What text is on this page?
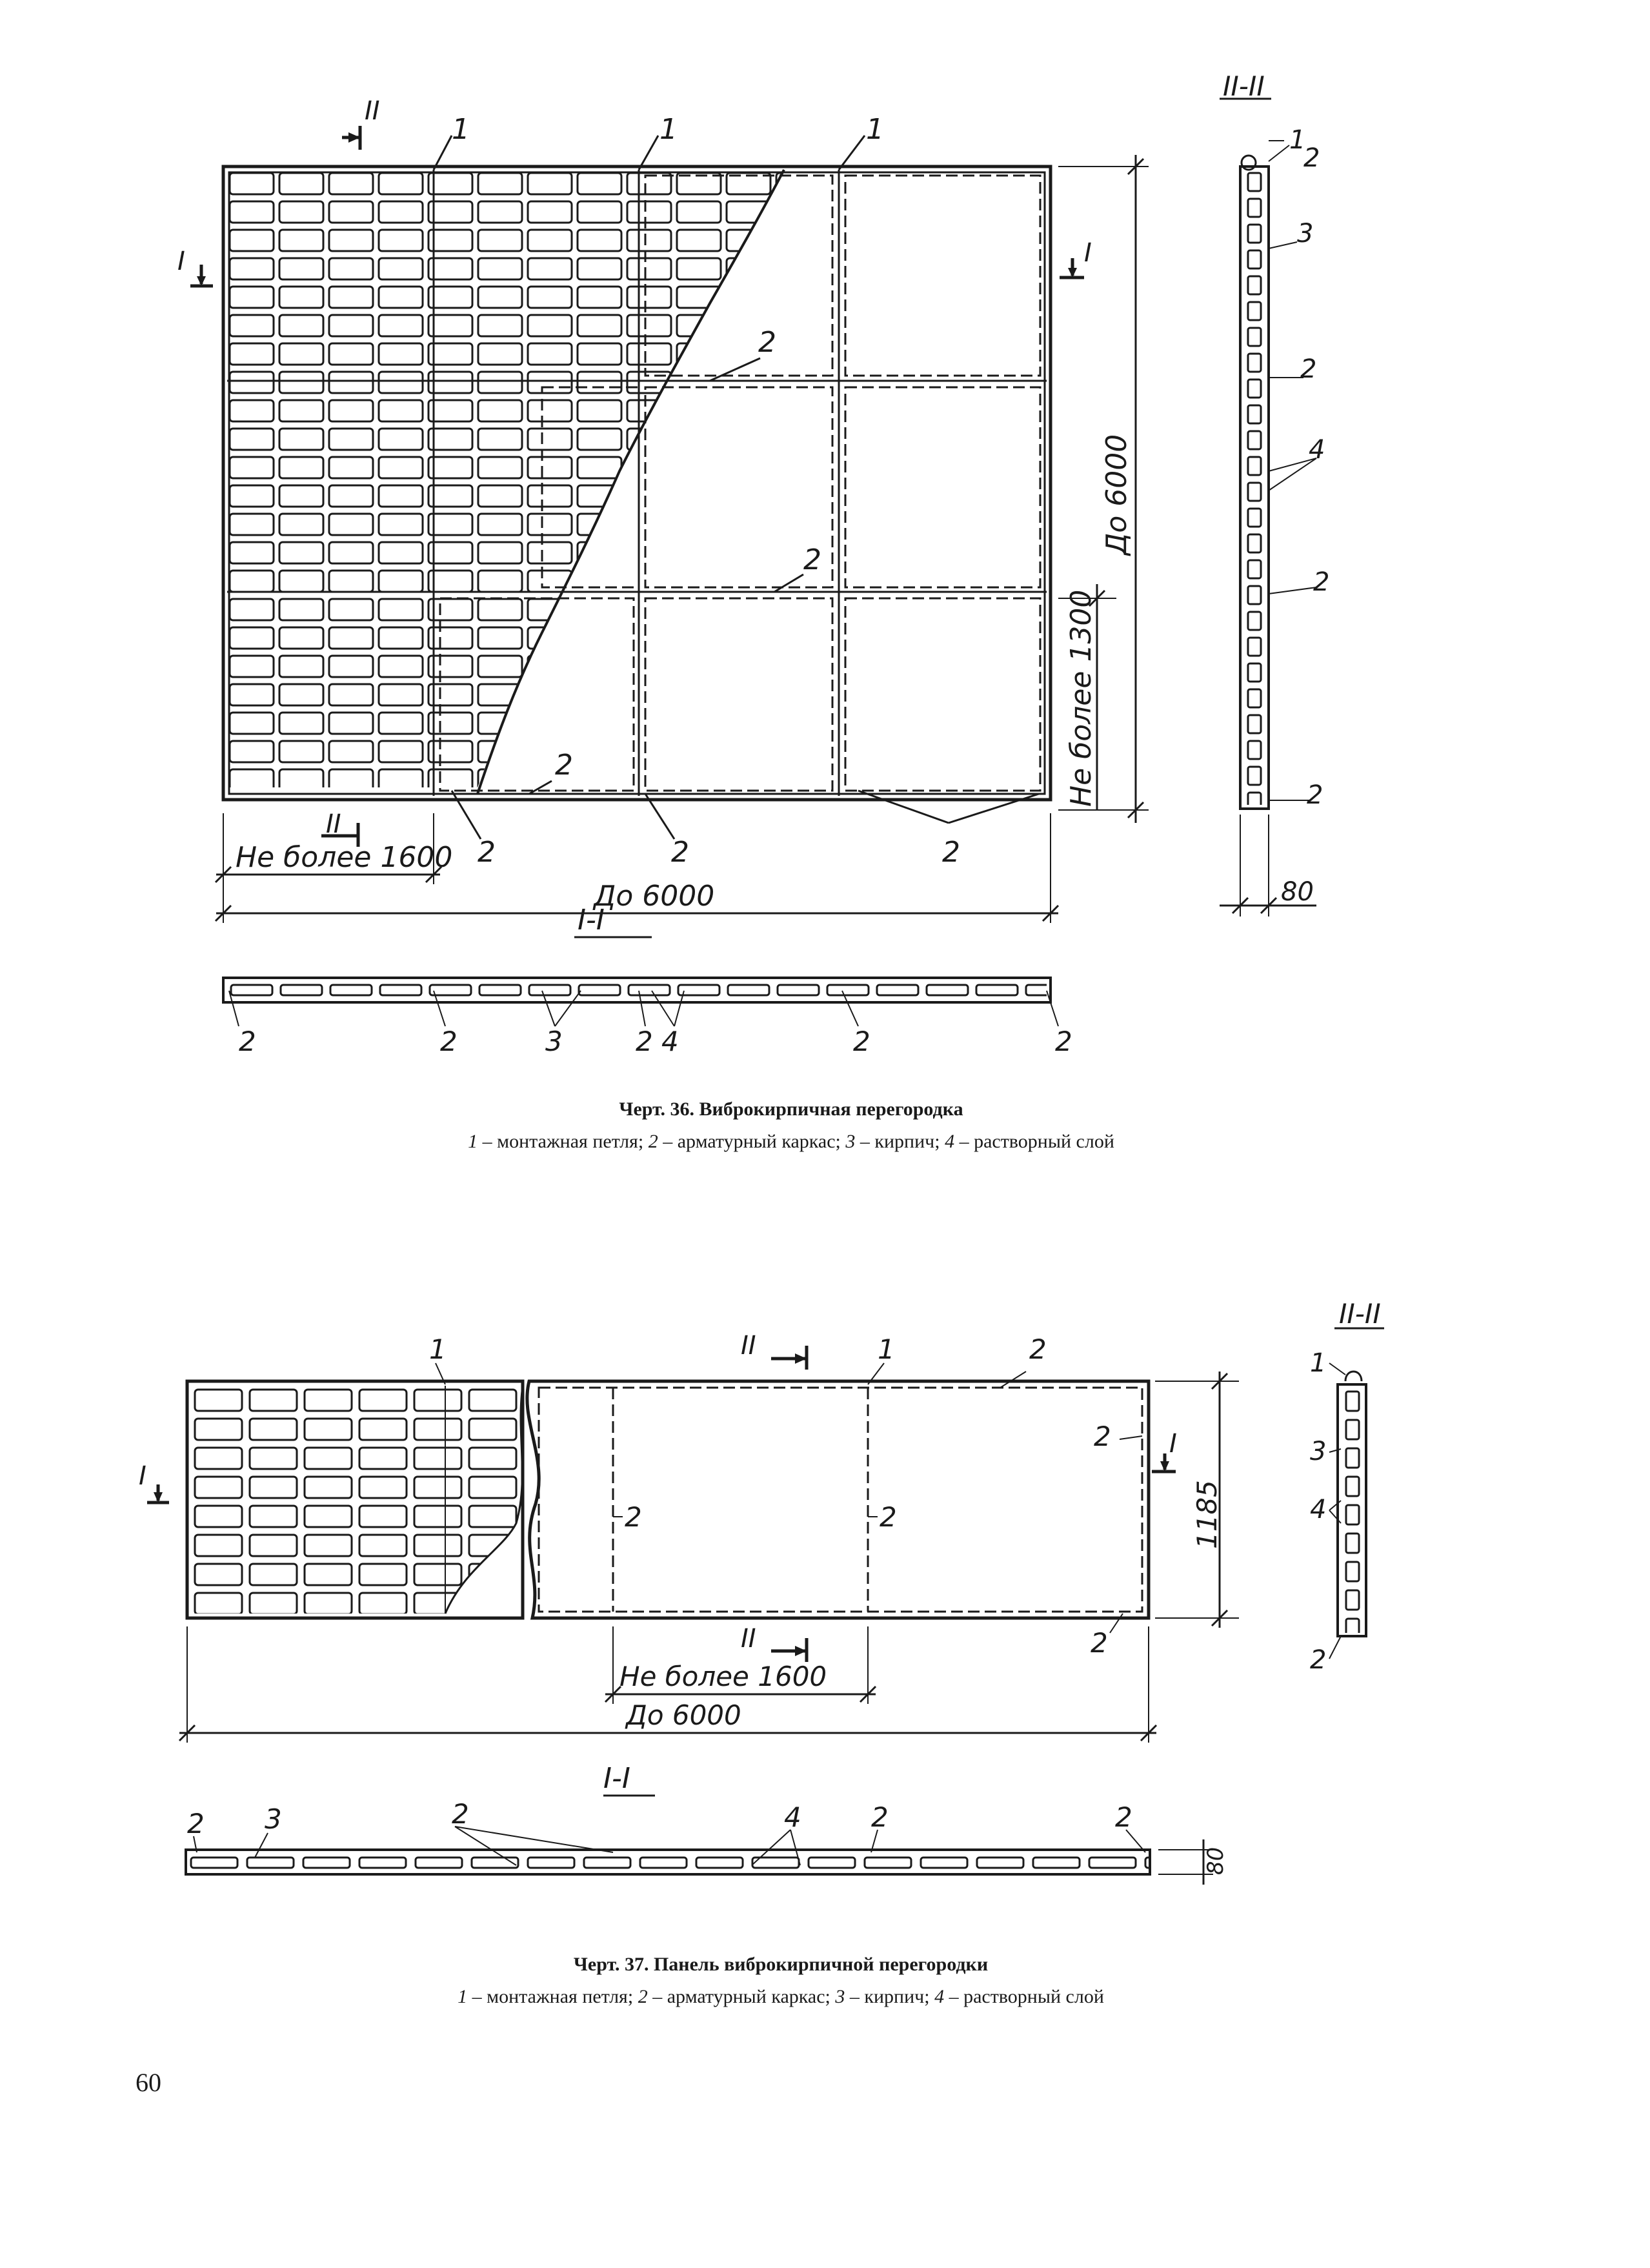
II
I	I
II
1	1	1
2
2
2
2	2	2
Не более 1600
До 6000
До 6000
Не более 1300
II-II
1
2
3
2
4
2
2
80
I-I
2	2	3	2 4	2	2
Черт. 36. Виброкирпичная перегородка
1 – монтажная петля; 2 – арматурный каркас; 3 – кирпич; 4 – растворный слой
II
II
I
I
1	1	2
2
2	2
2
1185
Не более 1600
До 6000
II-II
1
3
4
2
I-I
2 3	2	4	2	2
80
Черт. 37. Панель виброкирпичной перегородки
1 – монтажная петля; 2 – арматурный каркас; 3 – кирпич; 4 – растворный слой
60
